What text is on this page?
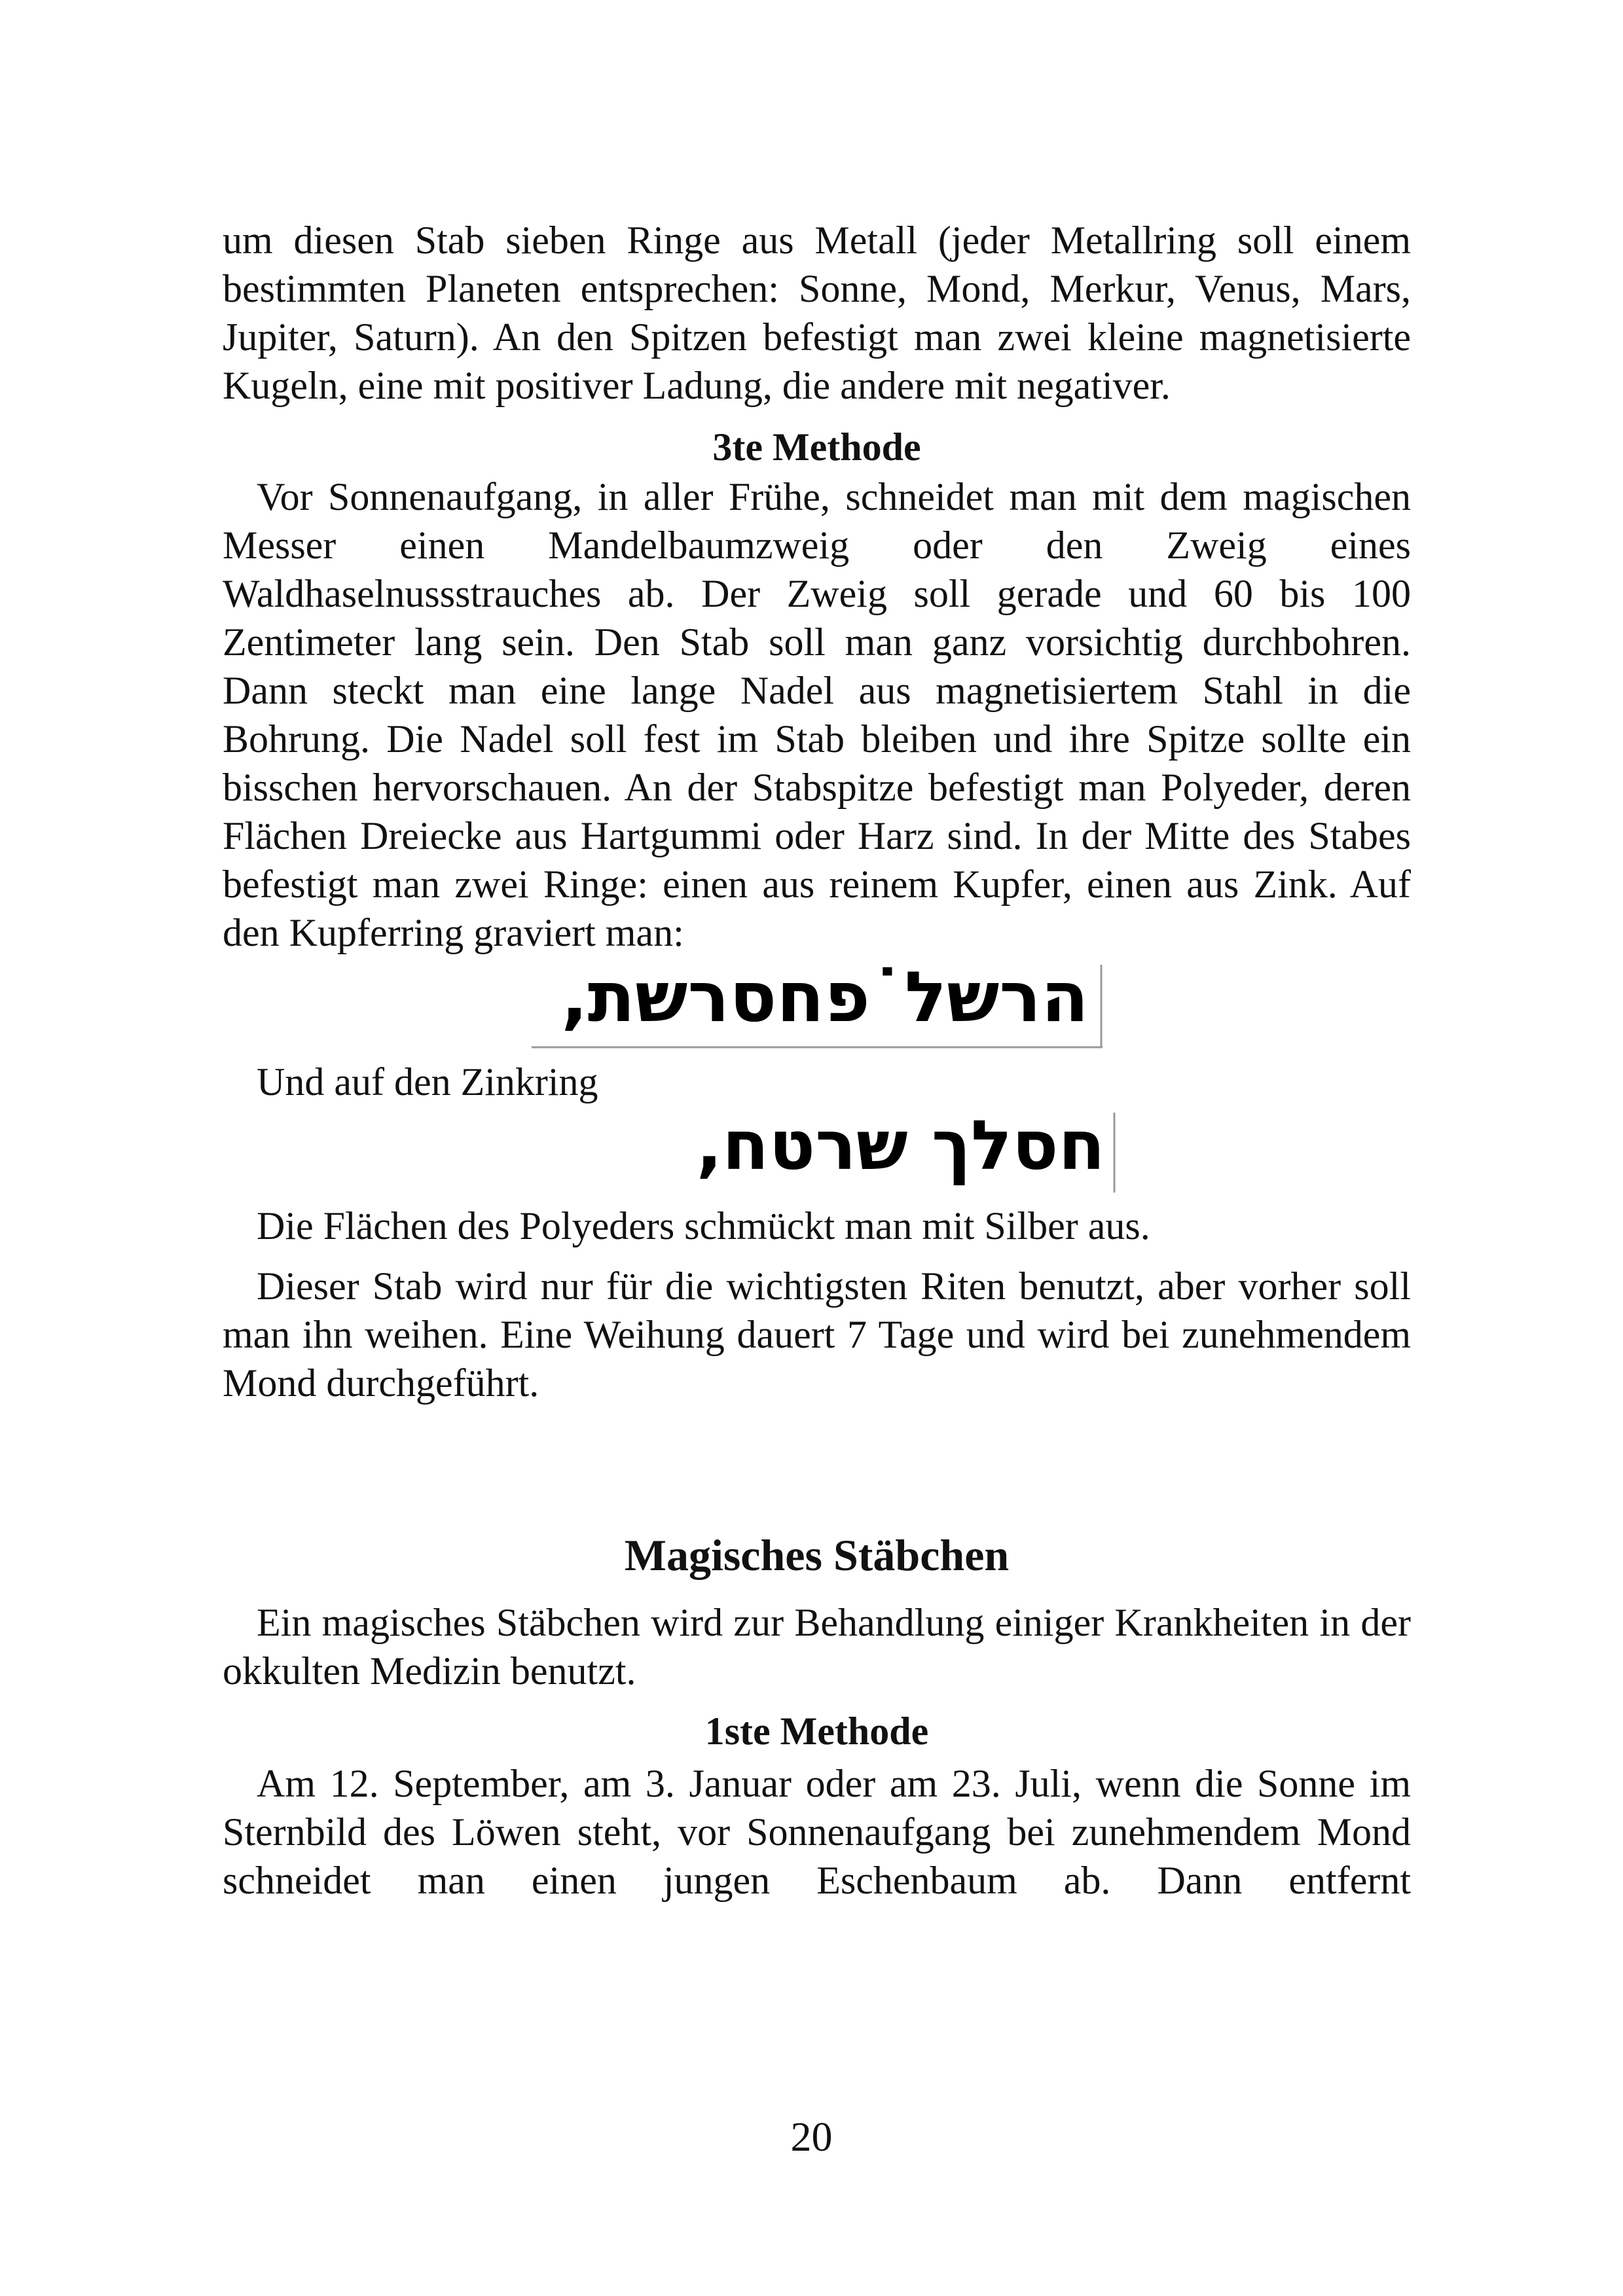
um diesen Stab sieben Ringe aus Metall (jeder Metallring soll einem bestimmten Planeten entsprechen: Sonne, Mond, Merkur, Venus, Mars, Jupiter, Saturn). An den Spitzen befestigt man zwei kleine magnetisierte Kugeln, eine mit positiver Ladung, die andere mit negativer.

3te Methode

Vor Sonnenaufgang, in aller Frühe, schneidet man mit dem magischen Messer einen Mandelbaumzweig oder den Zweig eines Waldhaselnussstrauches ab. Der Zweig soll gerade und 60 bis 100 Zentimeter lang sein. Den Stab soll man ganz vorsichtig durchbohren. Dann steckt man eine lange Nadel aus magnetisiertem Stahl in die Bohrung. Die Nadel soll fest im Stab bleiben und ihre Spitze sollte ein bisschen hervorschauen. An der Stabspitze befestigt man Polyeder, deren Flächen Dreiecke aus Hartgummi oder Harz sind. In der Mitte des Stabes befestigt man zwei Ringe: einen aus reinem Kupfer, einen aus Zink. Auf den Kupferring graviert man:

הרשל˙פחסרשת,

Und auf den Zinkring

חסלך שרטח,

Die Flächen des Polyeders schmückt man mit Silber aus.

Dieser Stab wird nur für die wichtigsten Riten benutzt, aber vorher soll man ihn weihen. Eine Weihung dauert 7 Tage und wird bei zunehmendem Mond durchgeführt.

Magisches Stäbchen

Ein magisches Stäbchen wird zur Behandlung einiger Krankheiten in der okkulten Medizin benutzt.

1ste Methode

Am 12. September, am 3. Januar oder am 23. Juli, wenn die Sonne im Sternbild des Löwen steht, vor Sonnenaufgang bei zunehmendem Mond schneidet man einen jungen Eschenbaum ab. Dann entfernt

20
